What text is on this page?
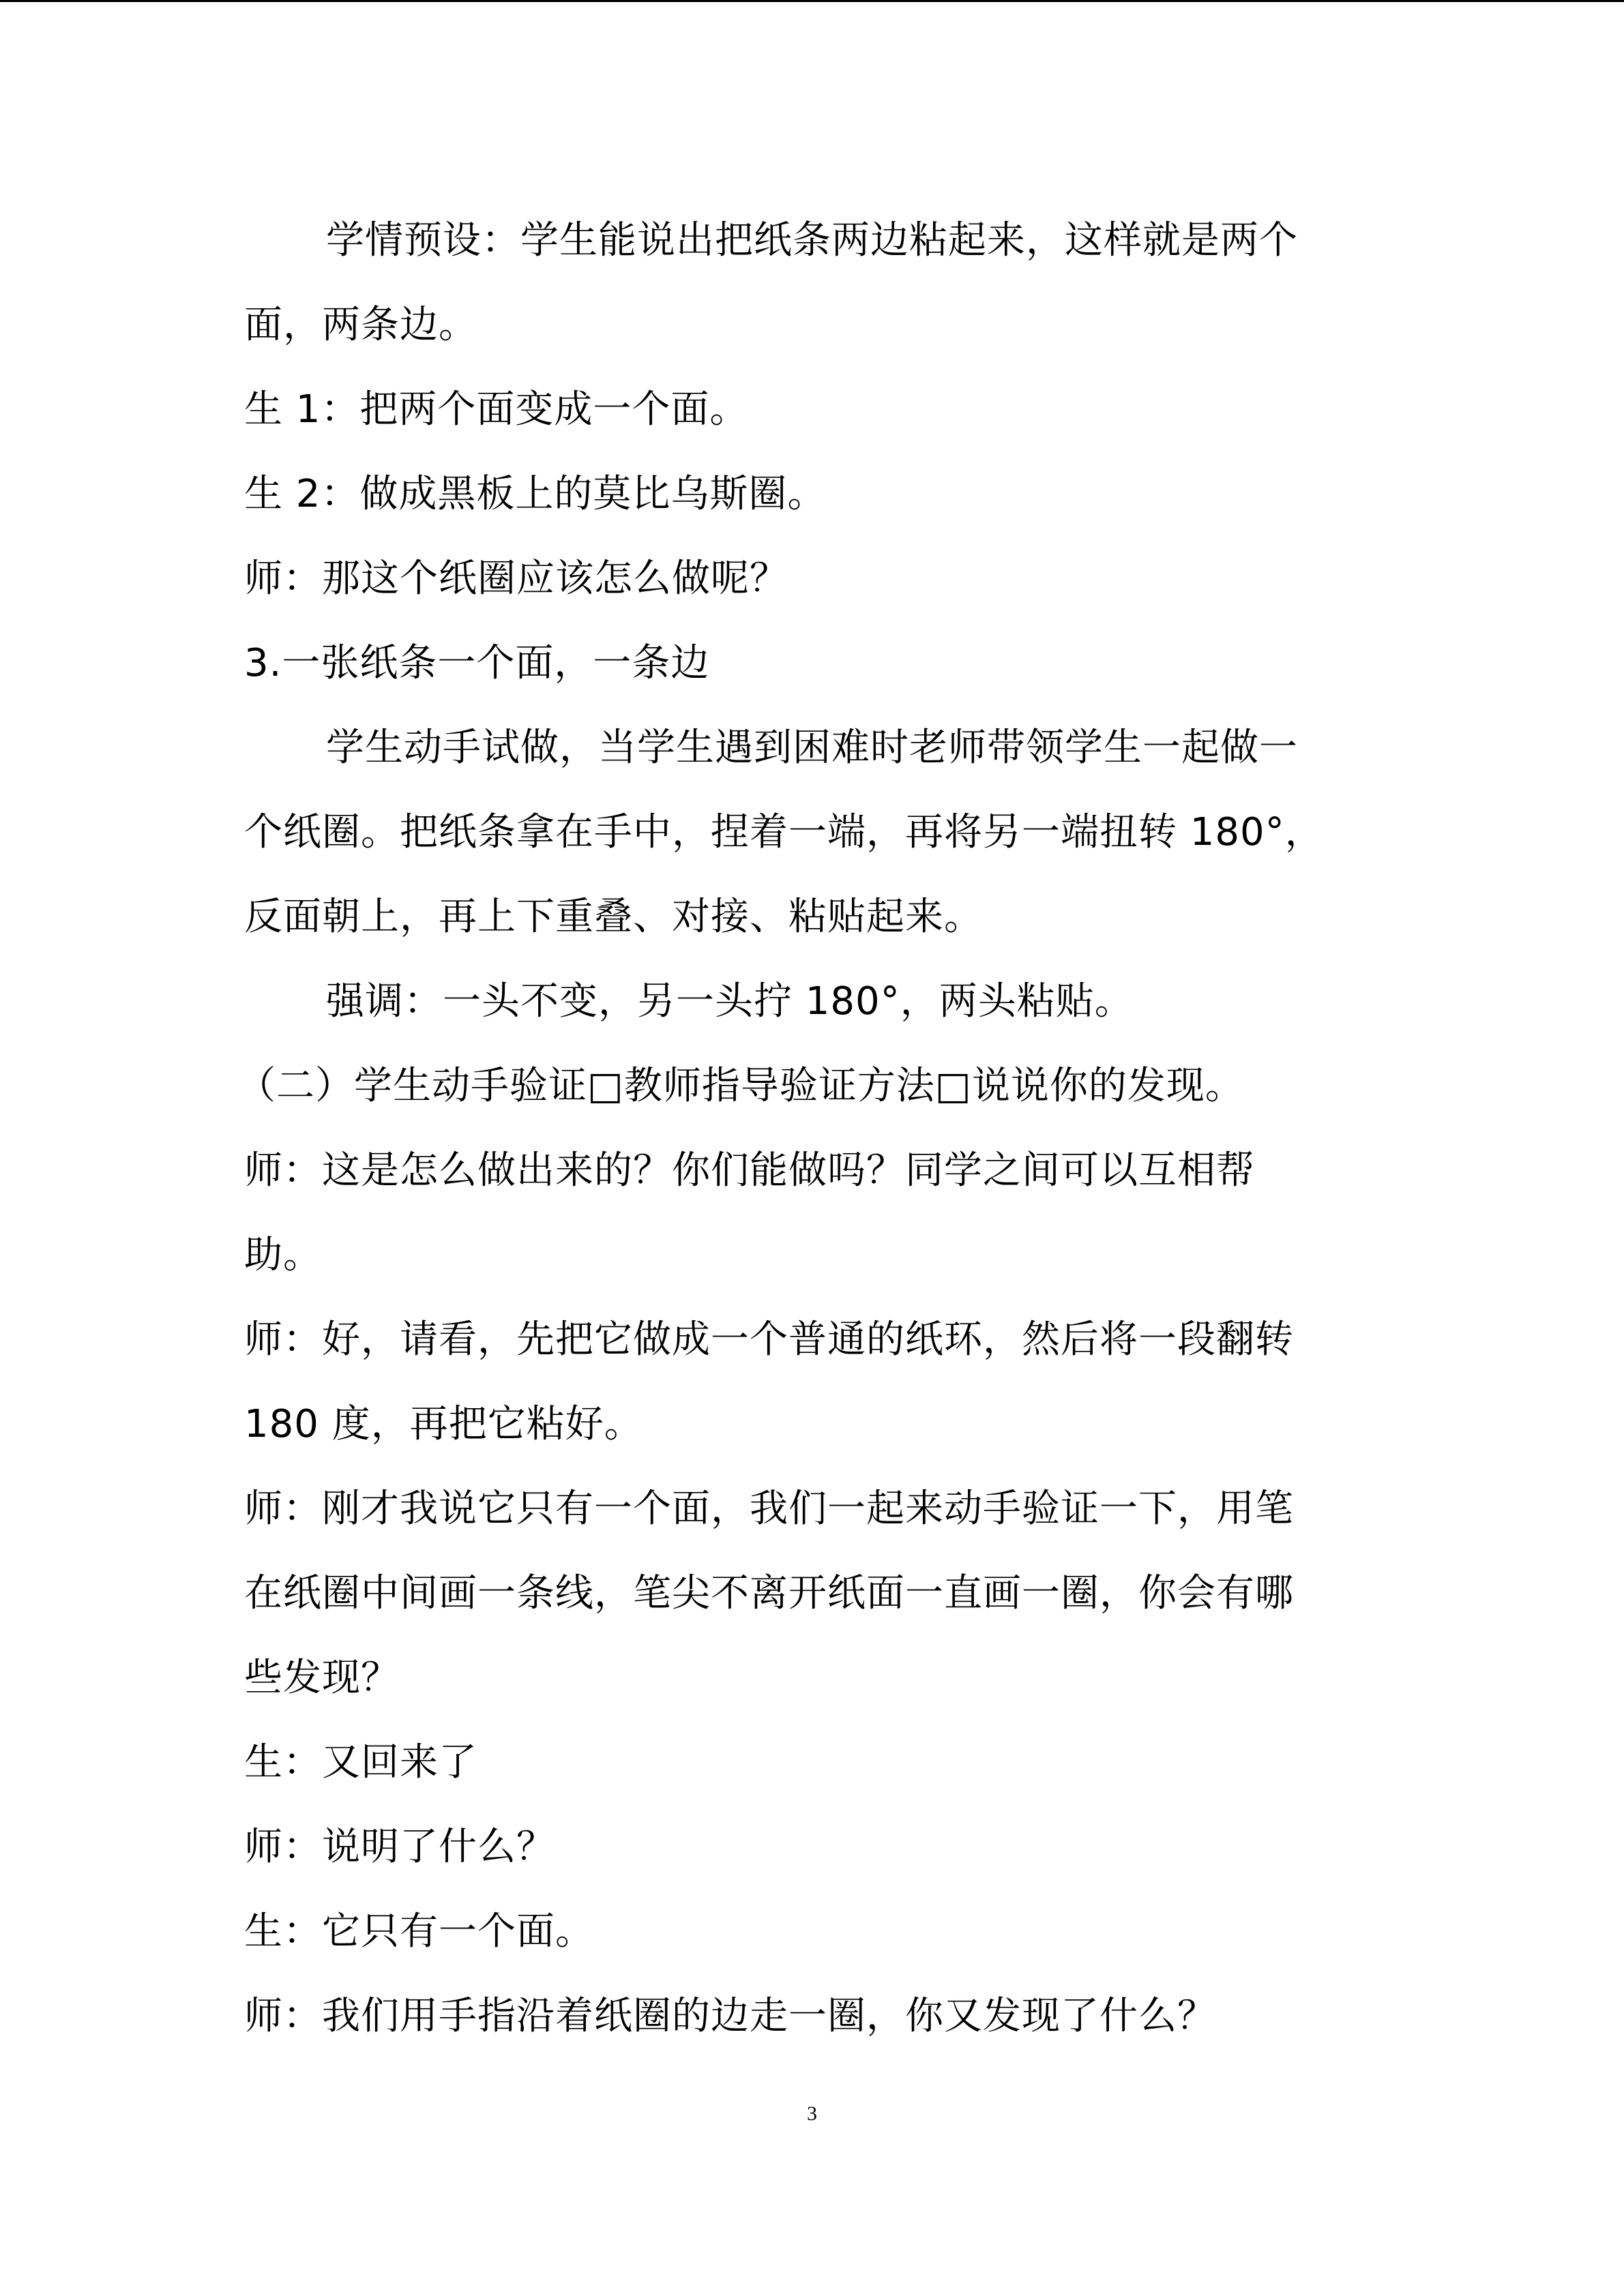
学情预设：学生能说出把纸条两边粘起来，这样就是两个
面，两条边。
生 1：把两个面变成一个面。
生 2：做成黑板上的莫比乌斯圈。
师：那这个纸圈应该怎么做呢？
3.一张纸条一个面，一条边
学生动手试做，当学生遇到困难时老师带领学生一起做一
个纸圈。把纸条拿在手中，捏着一端，再将另一端扭转 180°，
反面朝上，再上下重叠、对接、粘贴起来。
强调：一头不变，另一头拧 180°，两头粘贴。
（二）学生动手验证□教师指导验证方法□说说你的发现。
师：这是怎么做出来的？你们能做吗？同学之间可以互相帮
助。
师：好，请看，先把它做成一个普通的纸环，然后将一段翻转
180 度，再把它粘好。
师：刚才我说它只有一个面，我们一起来动手验证一下，用笔
在纸圈中间画一条线，笔尖不离开纸面一直画一圈，你会有哪
些发现？
生：又回来了
师：说明了什么？
生：它只有一个面。
师：我们用手指沿着纸圈的边走一圈，你又发现了什么？
3
